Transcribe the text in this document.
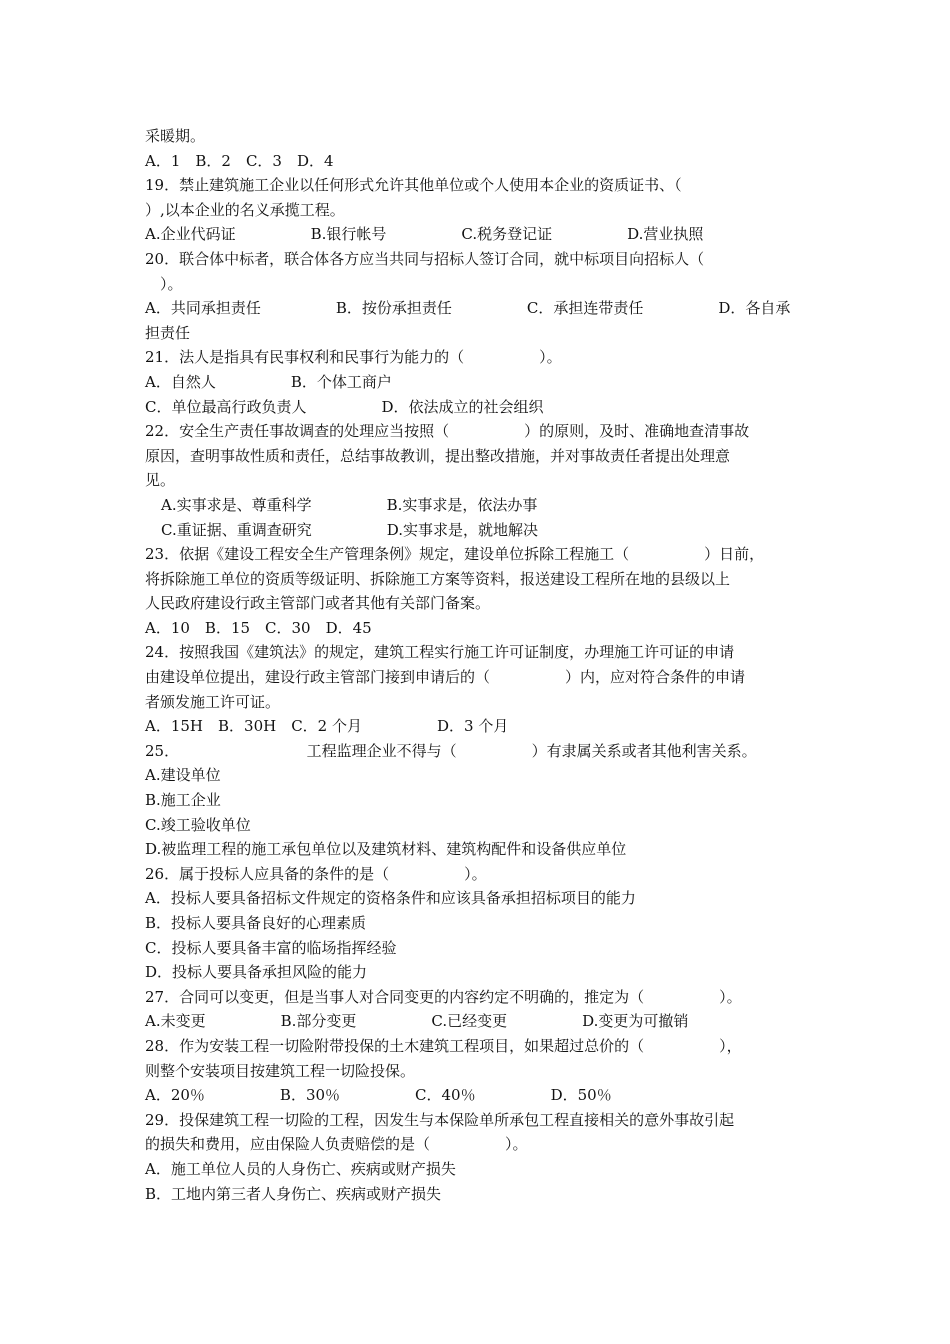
采暖期。
A．1　B．2　C．3　D．4
19．禁止建筑施工企业以任何形式允许其他单位或个人使用本企业的资质证书、（
）,以本企业的名义承揽工程。
A.企业代码证　　　　　B.银行帐号　　　　　C.税务登记证　　　　　D.营业执照
20．联合体中标者，联合体各方应当共同与招标人签订合同，就中标项目向招标人（
　）。
A．共同承担责任　　　　　B．按份承担责任　　　　　C．承担连带责任　　　　　D．各自承
担责任
21．法人是指具有民事权利和民事行为能力的（　　　　　）。
A．自然人　　　　　B．个体工商户
C．单位最高行政负责人　　　　　D．依法成立的社会组织
22．安全生产责任事故调查的处理应当按照（　　　　　）的原则，及时、准确地查清事故
原因，查明事故性质和责任，总结事故教训，提出整改措施，并对事故责任者提出处理意
见。
A.实事求是、尊重科学　　　　　B.实事求是，依法办事
C.重证据、重调查研究　　　　　D.实事求是，就地解决
23．依据《建设工程安全生产管理条例》规定，建设单位拆除工程施工（　　　　　）日前，
将拆除施工单位的资质等级证明、拆除施工方案等资料，报送建设工程所在地的县级以上
人民政府建设行政主管部门或者其他有关部门备案。
A．10　B．15　C．30　D．45
24．按照我国《建筑法》的规定，建筑工程实行施工许可证制度，办理施工许可证的申请
由建设单位提出，建设行政主管部门接到申请后的（　　　　　）内，应对符合条件的申请
者颁发施工许可证。
A．15H　B．30H　C．2 个月　　　　　D．3 个月
25．　　　　　　　　　工程监理企业不得与（　　　　　）有隶属关系或者其他利害关系。
A.建设单位
B.施工企业
C.竣工验收单位
D.被监理工程的施工承包单位以及建筑材料、建筑构配件和设备供应单位
26．属于投标人应具备的条件的是（　　　　　）。
A．投标人要具备招标文件规定的资格条件和应该具备承担招标项目的能力
B．投标人要具备良好的心理素质
C．投标人要具备丰富的临场指挥经验
D．投标人要具备承担风险的能力
27．合同可以变更，但是当事人对合同变更的内容约定不明确的，推定为（　　　　　）。
A.未变更　　　　　B.部分变更　　　　　C.已经变更　　　　　D.变更为可撤销
28．作为安装工程一切险附带投保的土木建筑工程项目，如果超过总价的（　　　　　），
则整个安装项目按建筑工程一切险投保。
A．20％　　　　　B．30％　　　　　C．40％　　　　　D．50％
29．投保建筑工程一切险的工程，因发生与本保险单所承包工程直接相关的意外事故引起
的损失和费用，应由保险人负责赔偿的是（　　　　　）。
A．施工单位人员的人身伤亡、疾病或财产损失
B．工地内第三者人身伤亡、疾病或财产损失
